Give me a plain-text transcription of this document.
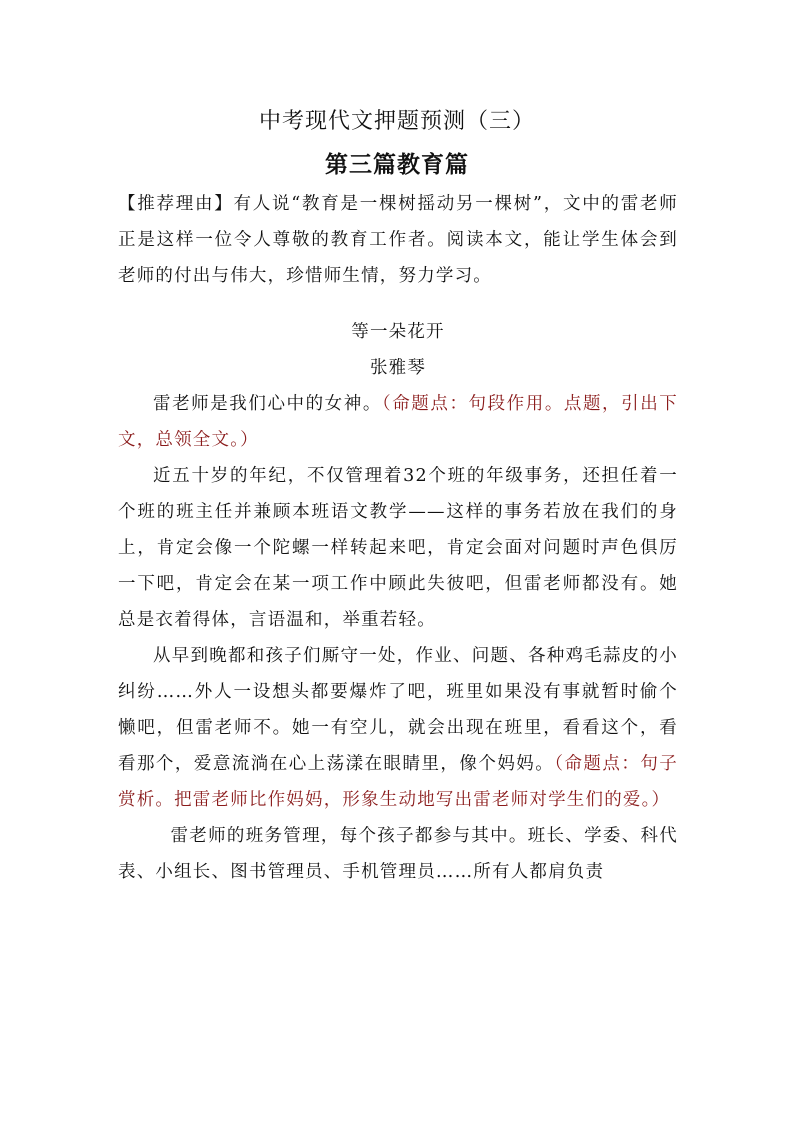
中考现代文押题预测（三）
第三篇教育篇

【推荐理由】有人说“教育是一棵树摇动另一棵树”，文中的雷老师正是这样一位令人尊敬的教育工作者。阅读本文，能让学生体会到老师的付出与伟大，珍惜师生情，努力学习。

等一朵花开

张雅琴

雷老师是我们心中的女神。（命题点：句段作用。点题，引出下文，总领全文。）

近五十岁的年纪，不仅管理着32个班的年级事务，还担任着一个班的班主任并兼顾本班语文教学——这样的事务若放在我们的身上，肯定会像一个陀螺一样转起来吧，肯定会面对问题时声色俱厉一下吧，肯定会在某一项工作中顾此失彼吧，但雷老师都没有。她总是衣着得体，言语温和，举重若轻。

从早到晚都和孩子们厮守一处，作业、问题、各种鸡毛蒜皮的小纠纷……外人一设想头都要爆炸了吧，班里如果没有事就暂时偷个懒吧，但雷老师不。她一有空儿，就会出现在班里，看看这个，看看那个，爱意流淌在心上荡漾在眼睛里，像个妈妈。（命题点：句子赏析。把雷老师比作妈妈，形象生动地写出雷老师对学生们的爱。）

雷老师的班务管理，每个孩子都参与其中。班长、学委、科代表、小组长、图书管理员、手机管理员……所有人都肩负责
